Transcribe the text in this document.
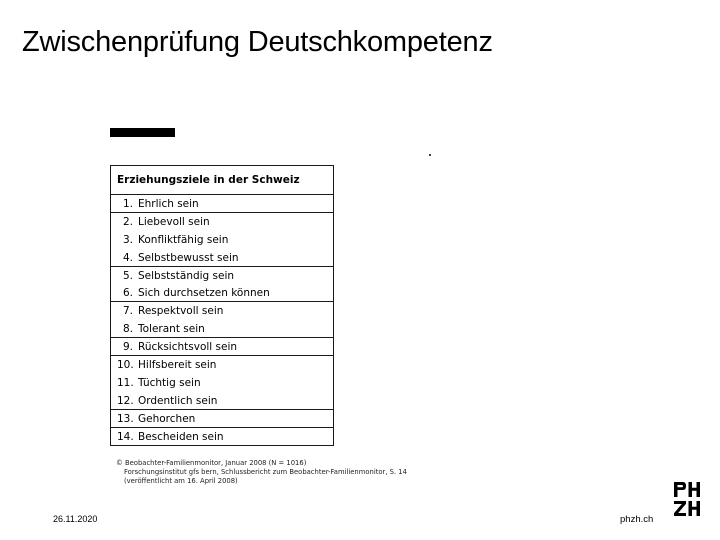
Zwischenprüfung Deutschkompetenz
Erziehungsziele in der Schweiz
1. Ehrlich sein
2. Liebevoll sein
3. Konfliktfähig sein
4. Selbstbewusst sein
5. Selbstständig sein
6. Sich durchsetzen können
7. Respektvoll sein
8. Tolerant sein
9. Rücksichtsvoll sein
10. Hilfsbereit sein
11. Tüchtig sein
12. Ordentlich sein
13. Gehorchen
14. Bescheiden sein
© Beobachter-Familienmonitor, Januar 2008 (N = 1016)
Forschungsinstitut gfs bern, Schlussbericht zum Beobachter-Familienmonitor, S. 14
(veröffentlicht am 16. April 2008)
26.11.2020	phzh.ch
